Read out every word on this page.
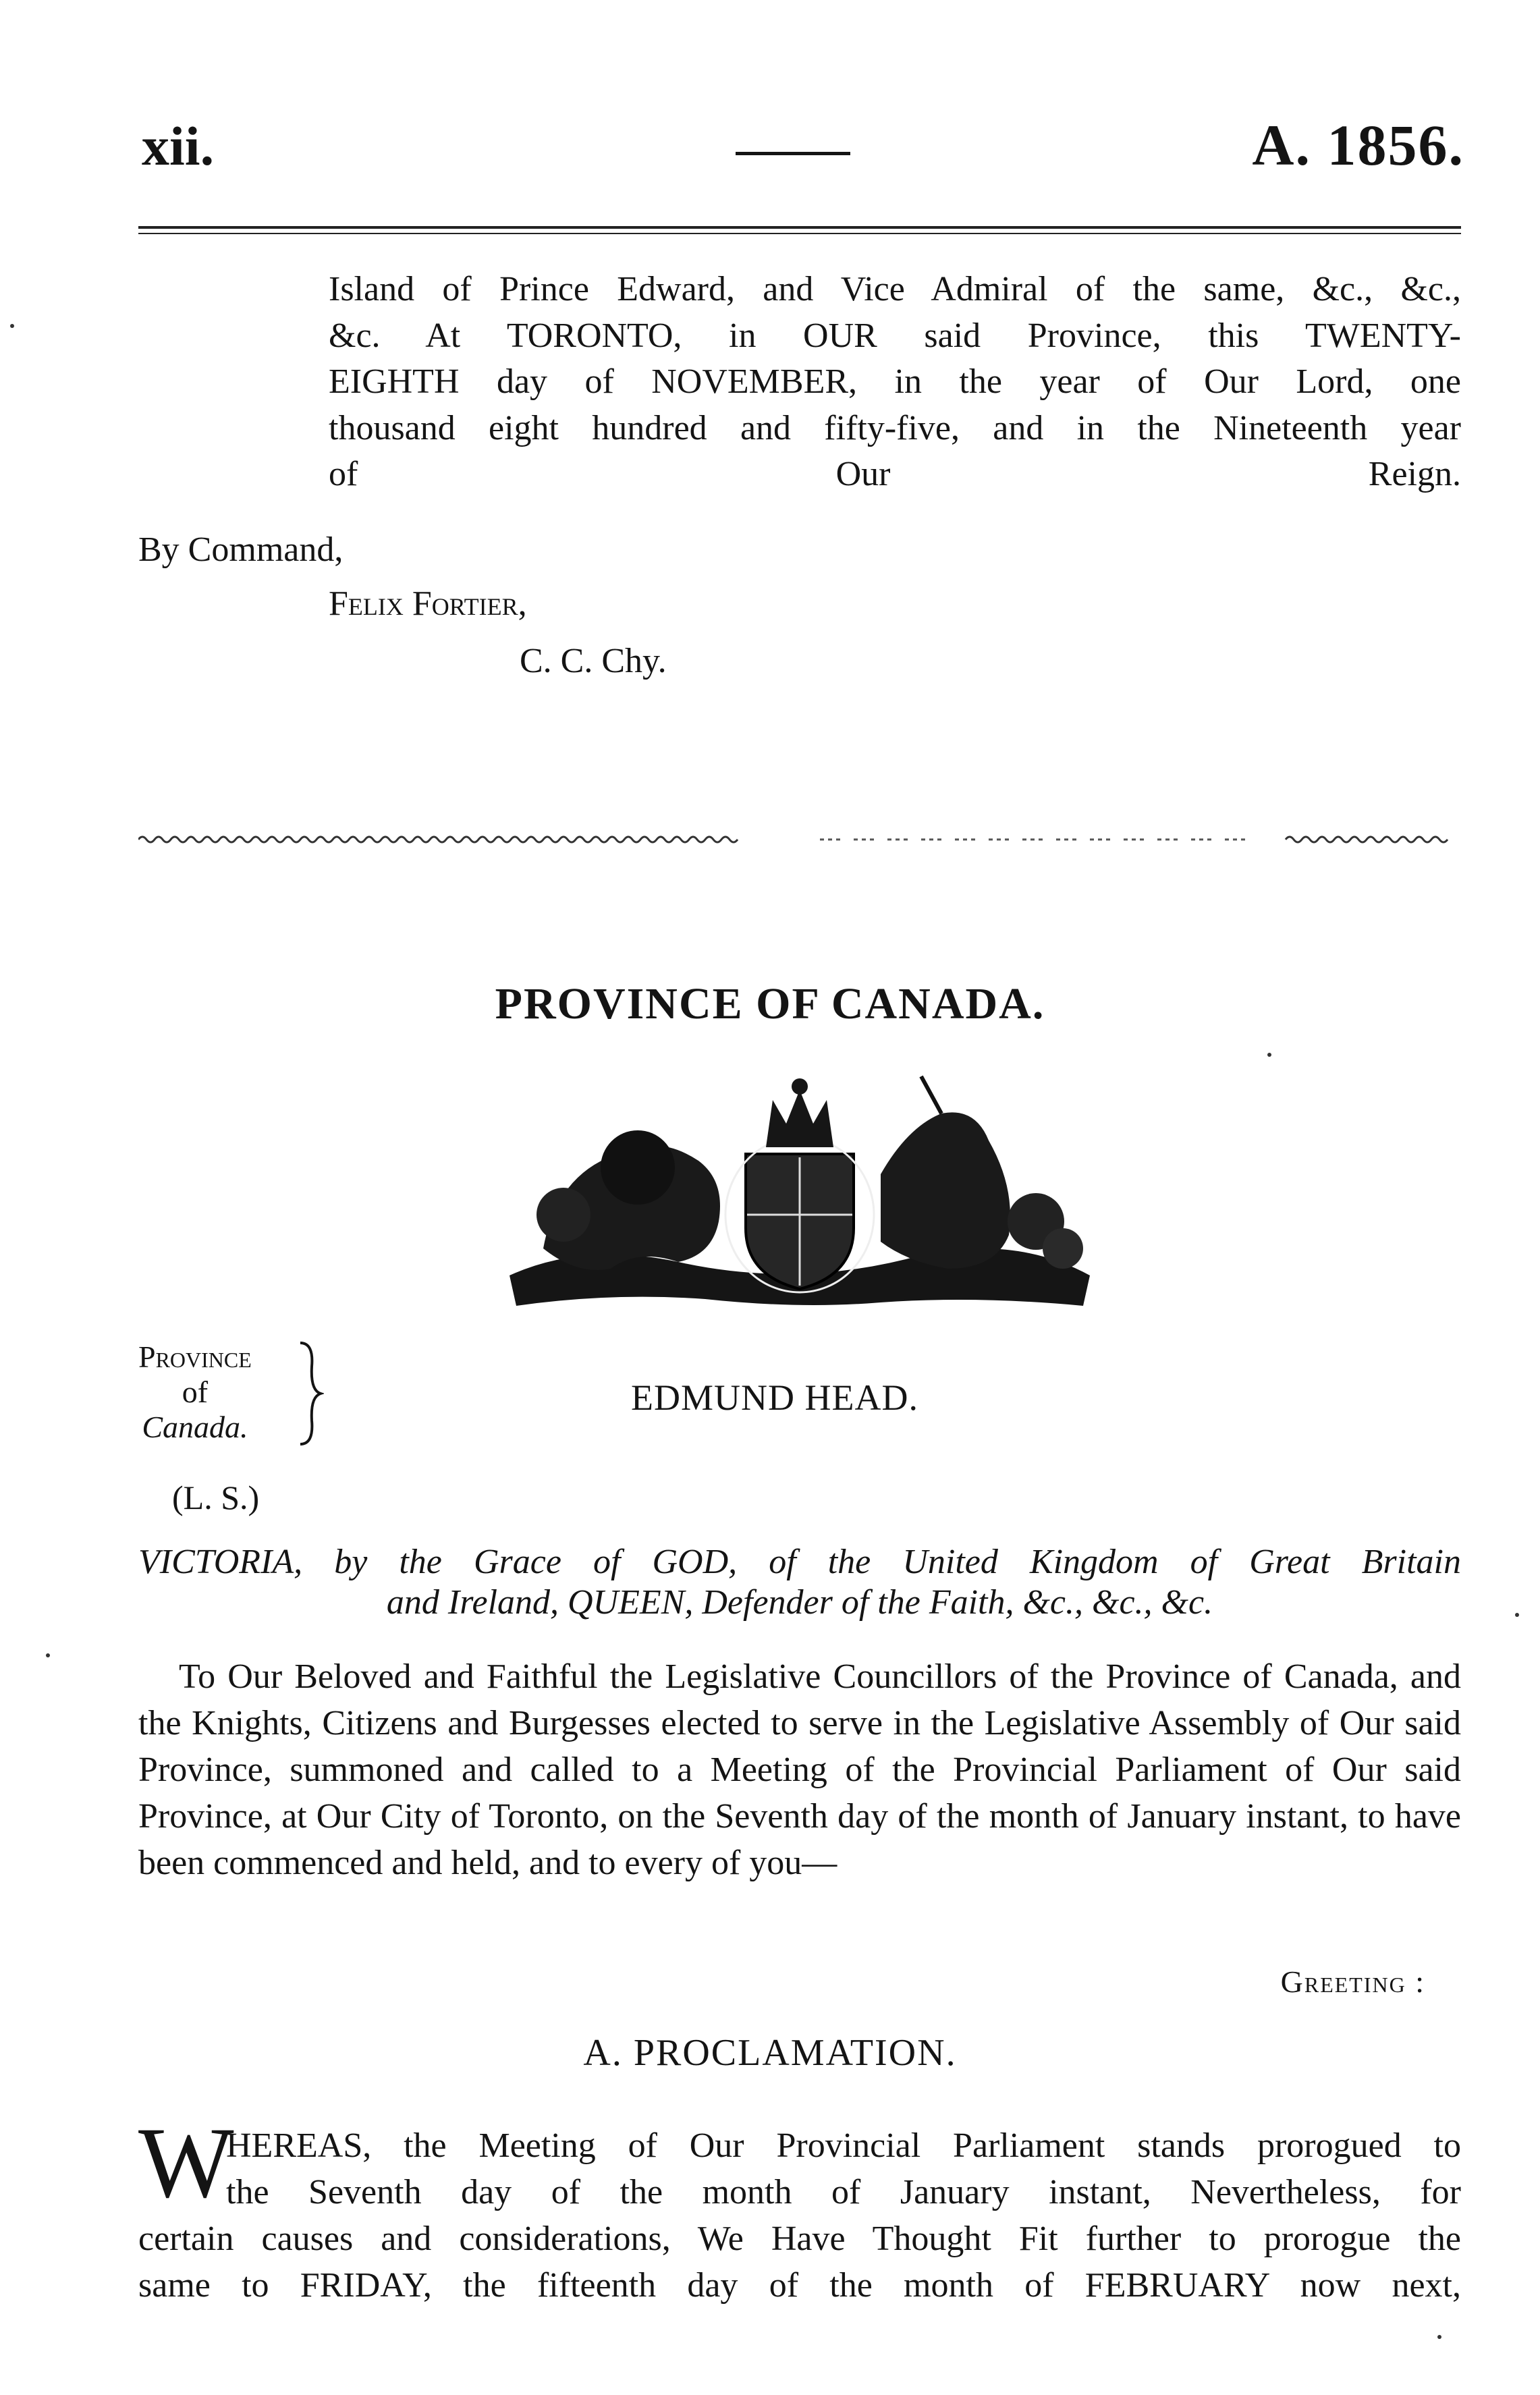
xii.	A. 1856.
Island of Prince Edward, and Vice Admiral of the same, &c., &c.,
&c. At TORONTO, in OUR said Province, this TWENTY-
EIGHTH day of NOVEMBER, in the year of Our Lord, one
thousand eight hundred and fifty-five, and in the Nineteenth year
of Our Reign.
By Command,
Felix Fortier,
C. C. Chy.
PROVINCE OF CANADA.
Province
of
Canada.
EDMUND HEAD.
(L. S.)
VICTORIA, by the Grace of GOD, of the United Kingdom of Great Britain
and Ireland, QUEEN, Defender of the Faith, &c., &c., &c.
To Our Beloved and Faithful the Legislative Councillors of the Province of Canada, and the Knights, Citizens and Burgesses elected to serve in the Legislative Assembly of Our said Province, summoned and called to a Meeting of the Provincial Parliament of Our said Province, at Our City of Toronto, on the Seventh day of the month of January instant, to have been commenced and held, and to every of you—
Greeting :
A. PROCLAMATION.
W
HEREAS, the Meeting of Our Provincial Parliament stands prorogued to
the Seventh day of the month of January instant, Nevertheless, for
certain causes and considerations, We Have Thought Fit further to prorogue the
same to FRIDAY, the fifteenth day of the month of FEBRUARY now next,
